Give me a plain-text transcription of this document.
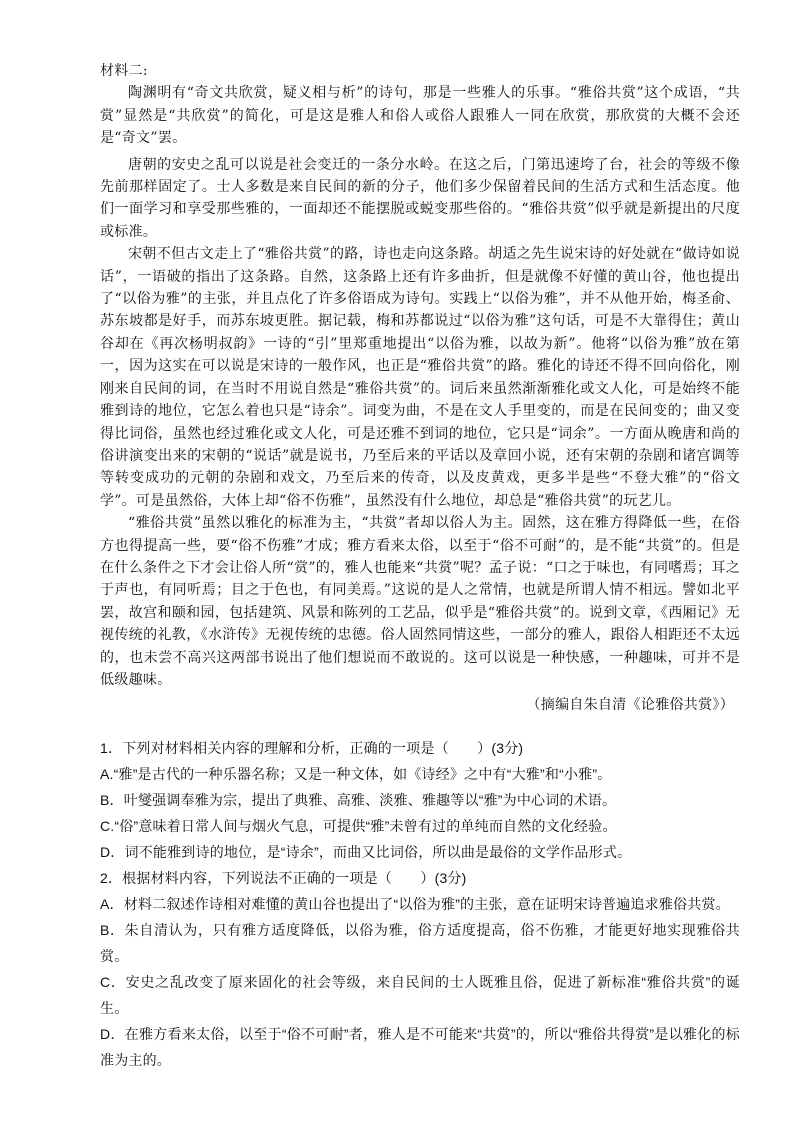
材料二:

陶渊明有“奇文共欣赏，疑义相与析”的诗句，那是一些雅人的乐事。“雅俗共赏”这个成语，“共赏”显然是“共欣赏”的简化，可是这是雅人和俗人或俗人跟雅人一同在欣赏，那欣赏的大概不会还是“奇文”罢。

唐朝的安史之乱可以说是社会变迁的一条分水岭。在这之后，门第迅速垮了台，社会的等级不像先前那样固定了。士人多数是来自民间的新的分子，他们多少保留着民间的生活方式和生活态度。他们一面学习和享受那些雅的，一面却还不能摆脱或蜕变那些俗的。“雅俗共赏”似乎就是新提出的尺度或标准。

宋朝不但古文走上了“雅俗共赏”的路，诗也走向这条路。胡适之先生说宋诗的好处就在“做诗如说话”，一语破的指出了这条路。自然，这条路上还有许多曲折，但是就像不好懂的黄山谷，他也提出了“以俗为雅”的主张，并且点化了许多俗语成为诗句。实践上“以俗为雅”，并不从他开始，梅圣俞、苏东坡都是好手，而苏东坡更胜。据记载，梅和苏都说过“以俗为雅”这句话，可是不大靠得住；黄山谷却在《再次杨明叔韵》一诗的“引”里郑重地提出“以俗为雅，以故为新”。他将“以俗为雅”放在第一，因为这实在可以说是宋诗的一般作风，也正是“雅俗共赏”的路。雅化的诗还不得不回向俗化，刚刚来自民间的词，在当时不用说自然是“雅俗共赏”的。词后来虽然渐渐雅化或文人化，可是始终不能雅到诗的地位，它怎么着也只是“诗余”。词变为曲，不是在文人手里变的，而是在民间变的；曲又变得比词俗，虽然也经过雅化或文人化，可是还雅不到词的地位，它只是“词余”。一方面从晚唐和尚的俗讲演变出来的宋朝的“说话”就是说书，乃至后来的平话以及章回小说，还有宋朝的杂剧和诸宫调等等转变成功的元朝的杂剧和戏文，乃至后来的传奇，以及皮黄戏，更多半是些“不登大雅”的“俗文学”。可是虽然俗，大体上却“俗不伤雅”，虽然没有什么地位，却总是“雅俗共赏”的玩艺儿。

“雅俗共赏”虽然以雅化的标准为主，“共赏”者却以俗人为主。固然，这在雅方得降低一些，在俗方也得提高一些，要“俗不伤雅”才成；雅方看来太俗，以至于“俗不可耐”的，是不能“共赏”的。但是在什么条件之下才会让俗人所“赏”的，雅人也能来“共赏”呢？孟子说：“口之于味也，有同嗜焉；耳之于声也，有同听焉；目之于色也，有同美焉。”这说的是人之常情，也就是所谓人情不相远。譬如北平罢，故宫和颐和园，包括建筑、风景和陈列的工艺品，似乎是“雅俗共赏”的。说到文章，《西厢记》无视传统的礼教，《水浒传》无视传统的忠德。俗人固然同情这些，一部分的雅人，跟俗人相距还不太远的，也未尝不高兴这两部书说出了他们想说而不敢说的。这可以说是一种快感，一种趣味，可并不是低级趣味。

（摘编自朱自清《论雅俗共赏》）

1．下列对材料相关内容的理解和分析，正确的一项是（　　）(3分)

A.“雅”是古代的一种乐器名称；又是一种文体，如《诗经》之中有“大雅”和“小雅”。

B．叶燮强调奉雅为宗，提出了典雅、高雅、淡雅、雅趣等以“雅”为中心词的术语。

C.“俗”意味着日常人间与烟火气息，可提供“雅”未曾有过的单纯而自然的文化经验。

D．词不能雅到诗的地位，是“诗余”，而曲又比词俗，所以曲是最俗的文学作品形式。

2．根据材料内容，下列说法不正确的一项是（　　）(3分)

A．材料二叙述作诗相对难懂的黄山谷也提出了“以俗为雅”的主张，意在证明宋诗普遍追求雅俗共赏。

B．朱自清认为，只有雅方适度降低，以俗为雅，俗方适度提高，俗不伤雅，才能更好地实现雅俗共赏。

C．安史之乱改变了原来固化的社会等级，来自民间的士人既雅且俗，促进了新标准“雅俗共赏”的诞生。

D．在雅方看来太俗，以至于“俗不可耐”者，雅人是不可能来“共赏”的，所以“雅俗共得赏”是以雅化的标准为主的。
